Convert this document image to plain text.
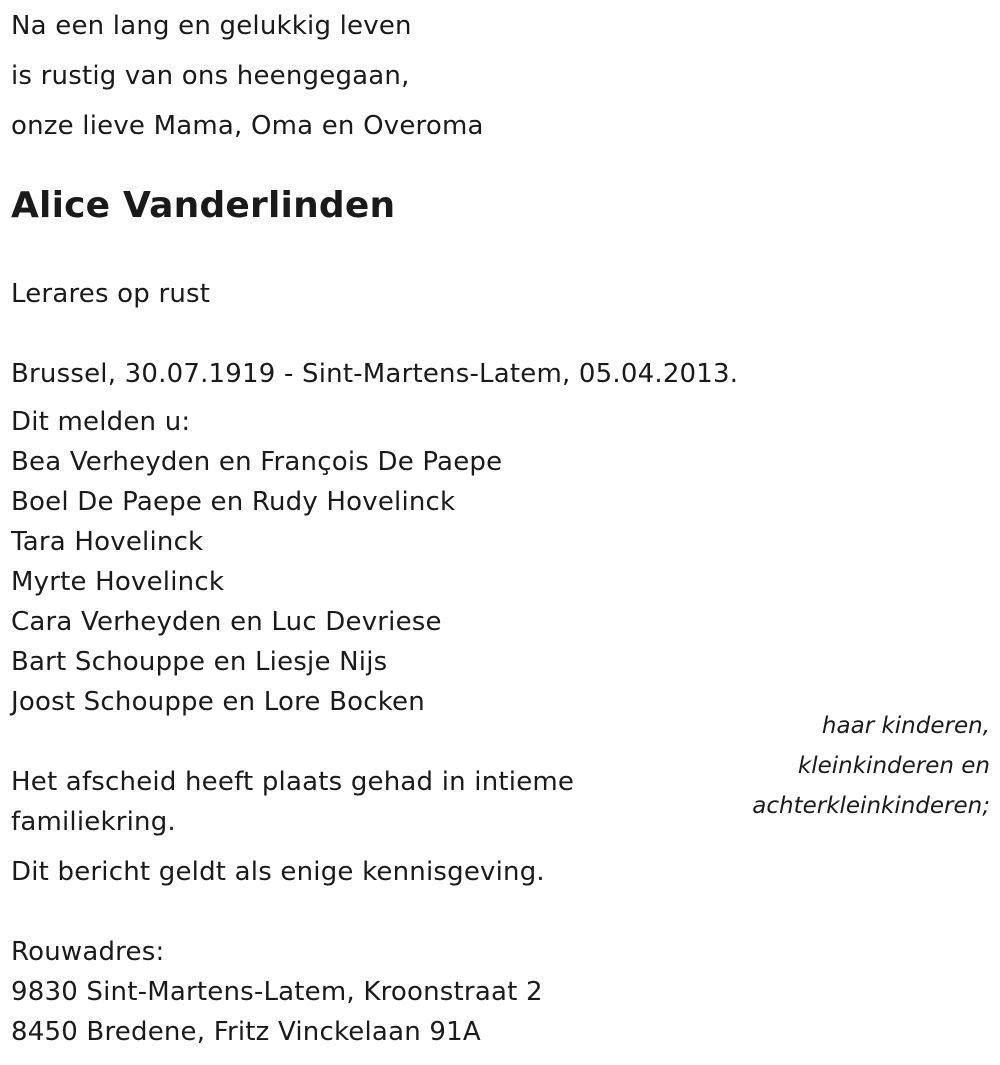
Na een lang en gelukkig leven
is rustig van ons heengegaan,
onze lieve Mama, Oma en Overoma
Alice Vanderlinden
Lerares op rust
Brussel, 30.07.1919 - Sint-Martens-Latem, 05.04.2013.
Dit melden u:
Bea Verheyden en François De Paepe
Boel De Paepe en Rudy Hovelinck
Tara Hovelinck
Myrte Hovelinck
Cara Verheyden en Luc Devriese
Bart Schouppe en Liesje Nijs
Joost Schouppe en Lore Bocken
haar kinderen,
kleinkinderen en
achterkleinkinderen;
Het afscheid heeft plaats gehad in intieme
familiekring.
Dit bericht geldt als enige kennisgeving.
Rouwadres:
9830 Sint-Martens-Latem, Kroonstraat 2
8450 Bredene, Fritz Vinckelaan 91A
